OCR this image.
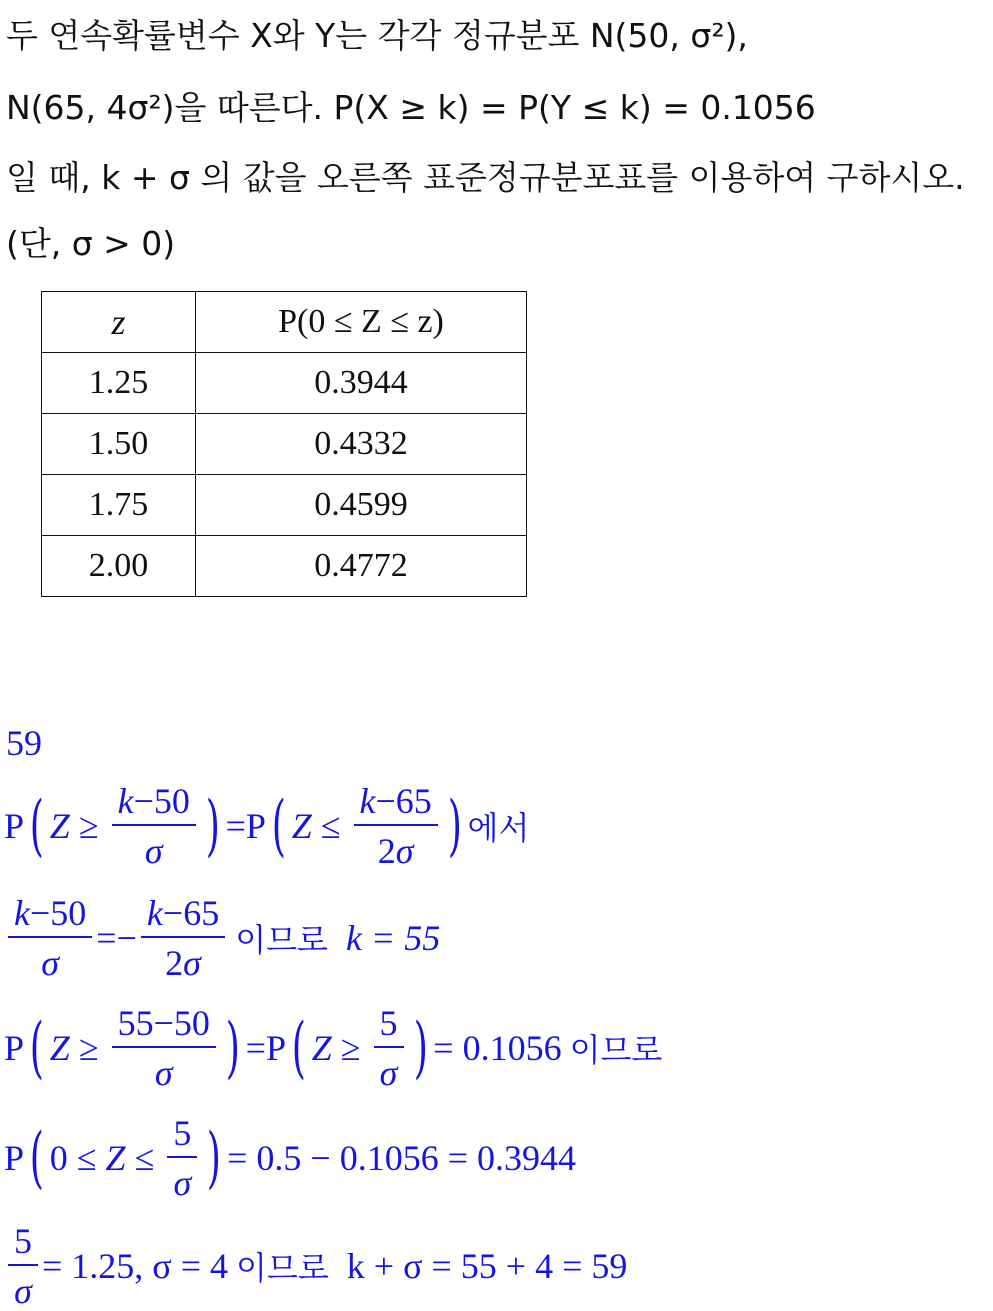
두 연속확률변수 X와 Y는 각각 정규분포 N(50, σ²),
N(65, 4σ²)을 따른다. P(X ≥ k) = P(Y ≤ k) = 0.1056
일 때, k + σ 의 값을 오른쪽 표준정규분포표를 이용하여 구하시오.
(단, σ > 0)
z	P(0 ≤ Z ≤ z)
1.25	0.3944
1.50	0.4332
1.75	0.4599
2.00	0.4772
59
P ( $Z \ge \frac{k-50}{\sigma}$ ) =P ( $Z \le \frac{k-65}{2\sigma}$ ) 에서
$\frac{k-50}{\sigma} =- \frac{k-65}{2\sigma}$ 이므로 k = 55
P ( $Z \ge \frac{55-50}{\sigma}$ ) =P ( $Z \ge \frac{5}{\sigma}$ ) = 0.1056 이므로
P ( $0 \le Z \le \frac{5}{\sigma}$ ) = 0.5 − 0.1056 = 0.3944
$\frac{5}{\sigma} = 1.25$, σ = 4 이므로 k + σ = 55 + 4 = 59
